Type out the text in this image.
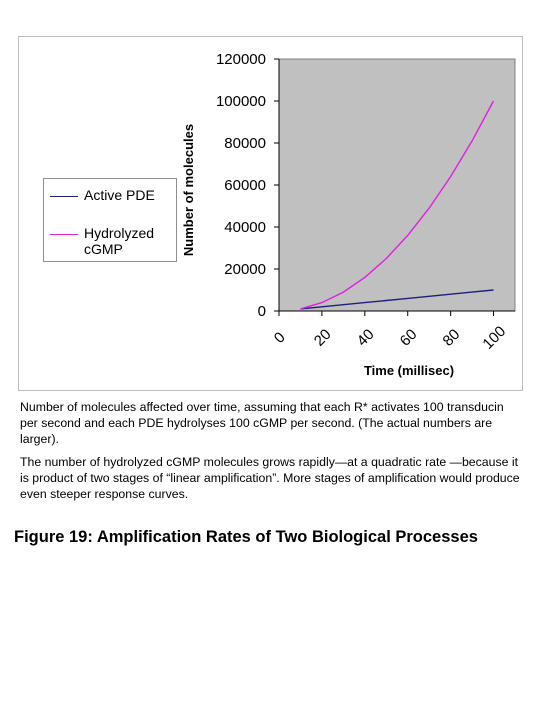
0
20000
40000
60000
80000
100000
120000
0 20 40 60 80 100
Time (millisec)
Number of molecules
Active PDE
Hydrolyzed cGMP

Number of molecules affected over time, assuming that each R* activates 100 transducin per second and each PDE hydrolyses 100 cGMP per second. (The actual numbers are larger).

The number of hydrolyzed cGMP molecules grows rapidly—at a quadratic rate —because it is product of two stages of “linear amplification”. More stages of amplification would produce even steeper response curves.

Figure 19: Amplification Rates of Two Biological Processes
